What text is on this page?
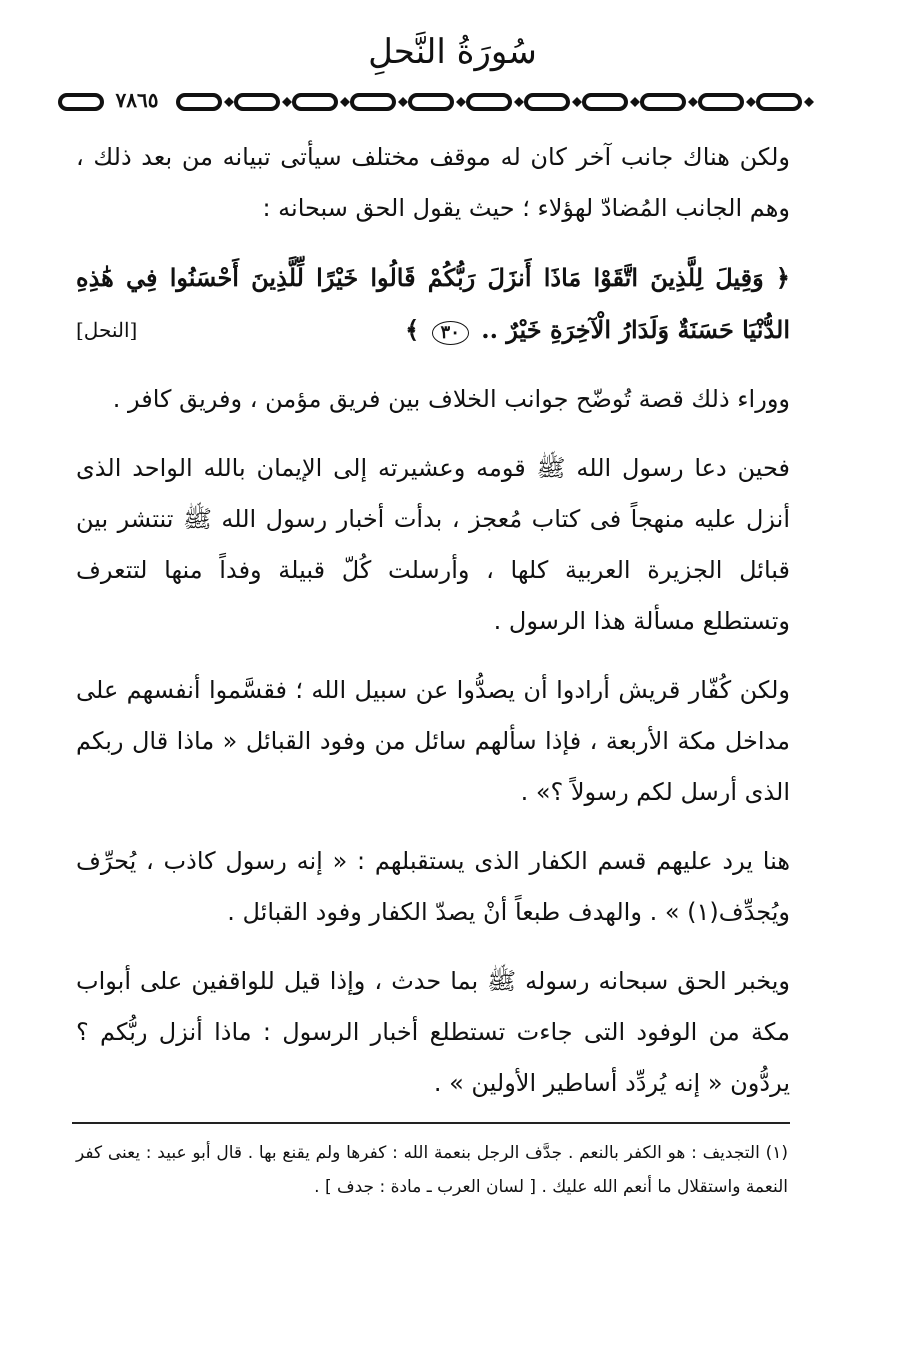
سُورَةُ النَّحلِ
٧٨٦٥

ولكن هناك جانب آخر كان له موقف مختلف سيأتى تبيانه من بعد ذلك ، وهم الجانب المُضادّ لهؤلاء ؛ حيث يقول الحق سبحانه :

﴿ وَقِيلَ لِلَّذِينَ اتَّقَوْا مَاذَا أَنزَلَ رَبُّكُمْ قَالُوا خَيْرًا لِّلَّذِينَ أَحْسَنُوا فِي هَٰذِهِ الدُّنْيَا حَسَنَةٌ وَلَدَارُ الْآخِرَةِ خَيْرٌ .. ٣٠ ﴾
[النحل]

ووراء ذلك قصة تُوضّح جوانب الخلاف بين فريق مؤمن ، وفريق كافر .

فحين دعا رسول الله ﷺ قومه وعشيرته إلى الإيمان بالله الواحد الذى أنزل عليه منهجاً فى كتاب مُعجز ، بدأت أخبار رسول الله ﷺ تنتشر بين قبائل الجزيرة العربية كلها ، وأرسلت كُلّ قبيلة وفداً منها لتتعرف وتستطلع مسألة هذا الرسول .

ولكن كُفّار قريش أرادوا أن يصدُّوا عن سبيل الله ؛ فقسَّموا أنفسهم على مداخل مكة الأربعة ، فإذا سألهم سائل من وفود القبائل « ماذا قال ربكم الذى أرسل لكم رسولاً ؟» .

هنا يرد عليهم قسم الكفار الذى يستقبلهم : « إنه رسول كاذب ، يُحرِّف ويُجدِّف(١) » . والهدف طبعاً أنْ يصدّ الكفار وفود القبائل .

ويخبر الحق سبحانه رسوله ﷺ بما حدث ، وإذا قيل للواقفين على أبواب مكة من الوفود التى جاءت تستطلع أخبار الرسول : ماذا أنزل ربُّكم ؟ يردُّون « إنه يُردِّد أساطير الأولين » .

(١) التجديف : هو الكفر بالنعم . جدَّف الرجل بنعمة الله : كفرها ولم يقنع بها . قال أبو عبيد : يعنى كفر النعمة واستقلال ما أنعم الله عليك . [ لسان العرب ـ مادة : جدف ] .
